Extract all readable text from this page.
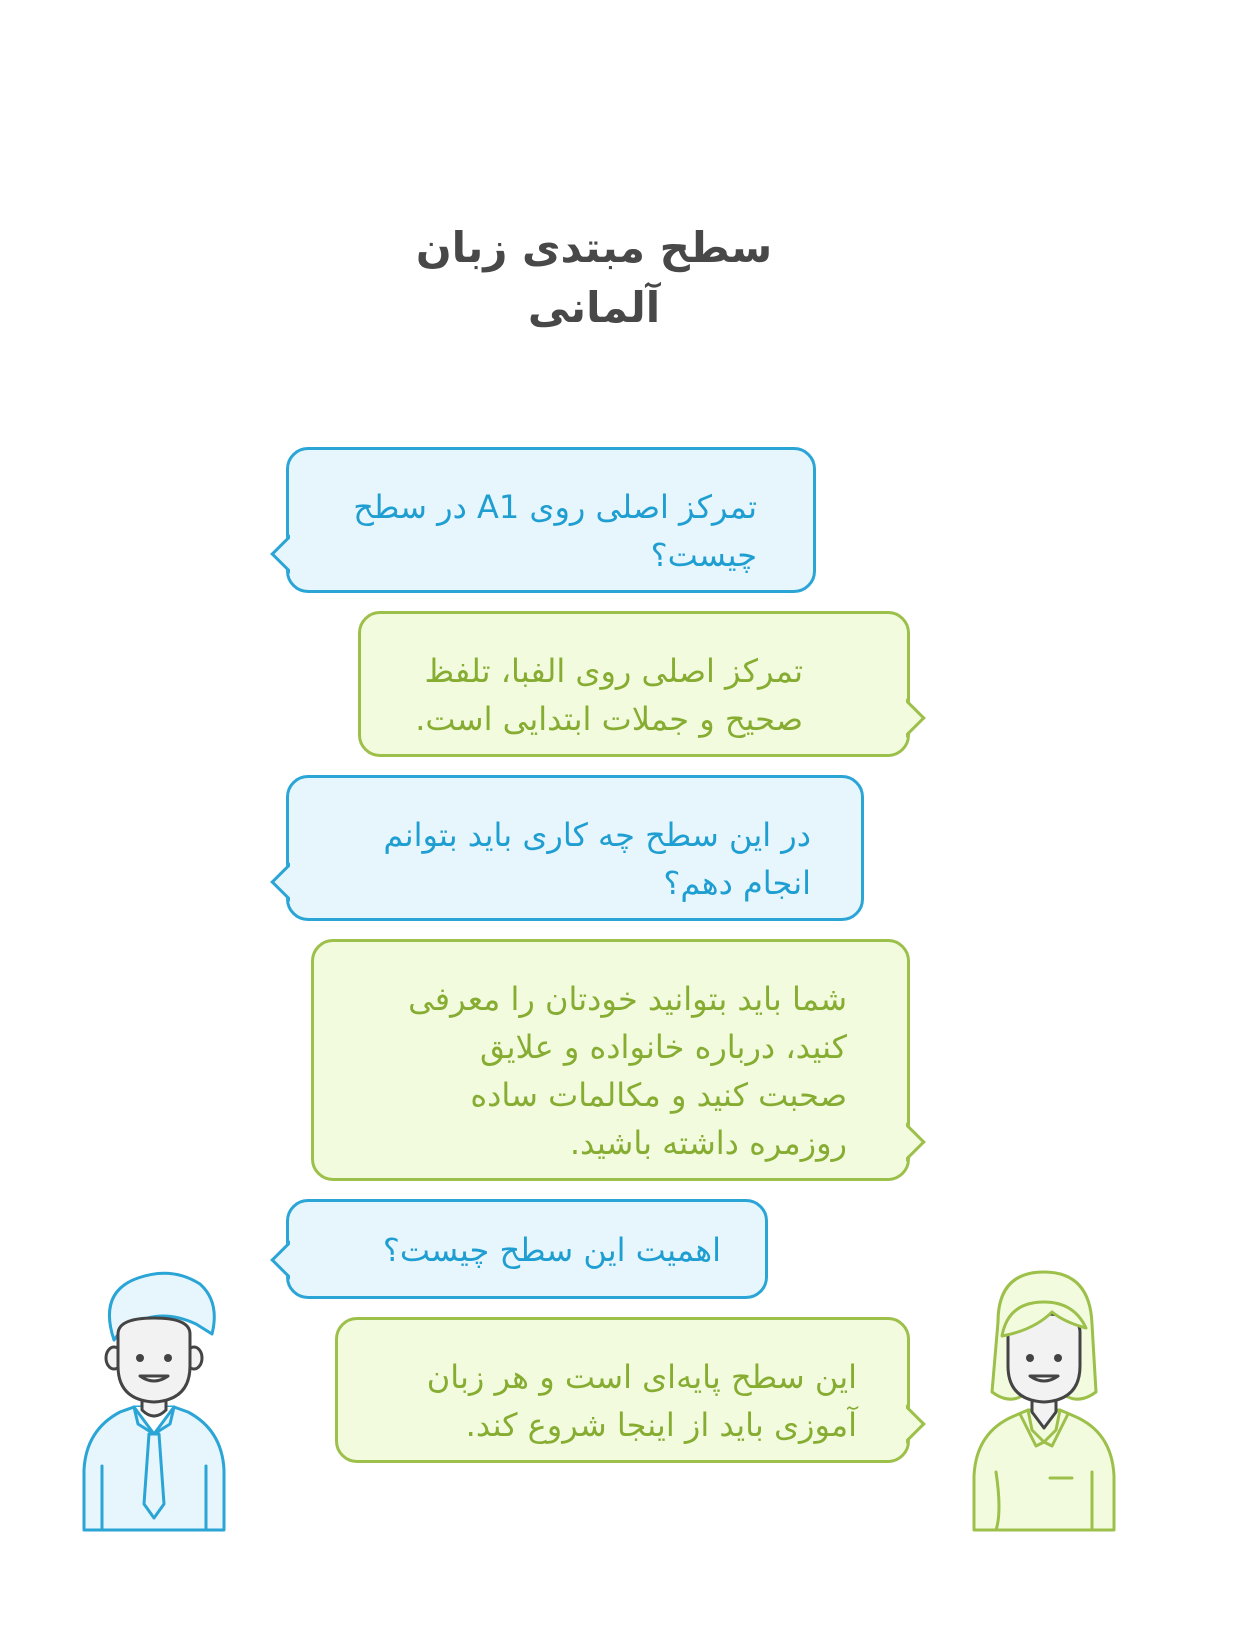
سطح مبتدی زبان
آلمانی
تمرکز اصلی روی A1 در سطح
چیست؟
تمرکز اصلی روی الفبا، تلفظ
صحیح و جملات ابتدایی است.
در این سطح چه کاری باید بتوانم
انجام دهم؟
شما باید بتوانید خودتان را معرفی
کنید، درباره خانواده و علایق
صحبت کنید و مکالمات ساده
روزمره داشته باشید.
اهمیت این سطح چیست؟
این سطح پایه‌ای است و هر زبان
آموزی باید از اینجا شروع کند.
